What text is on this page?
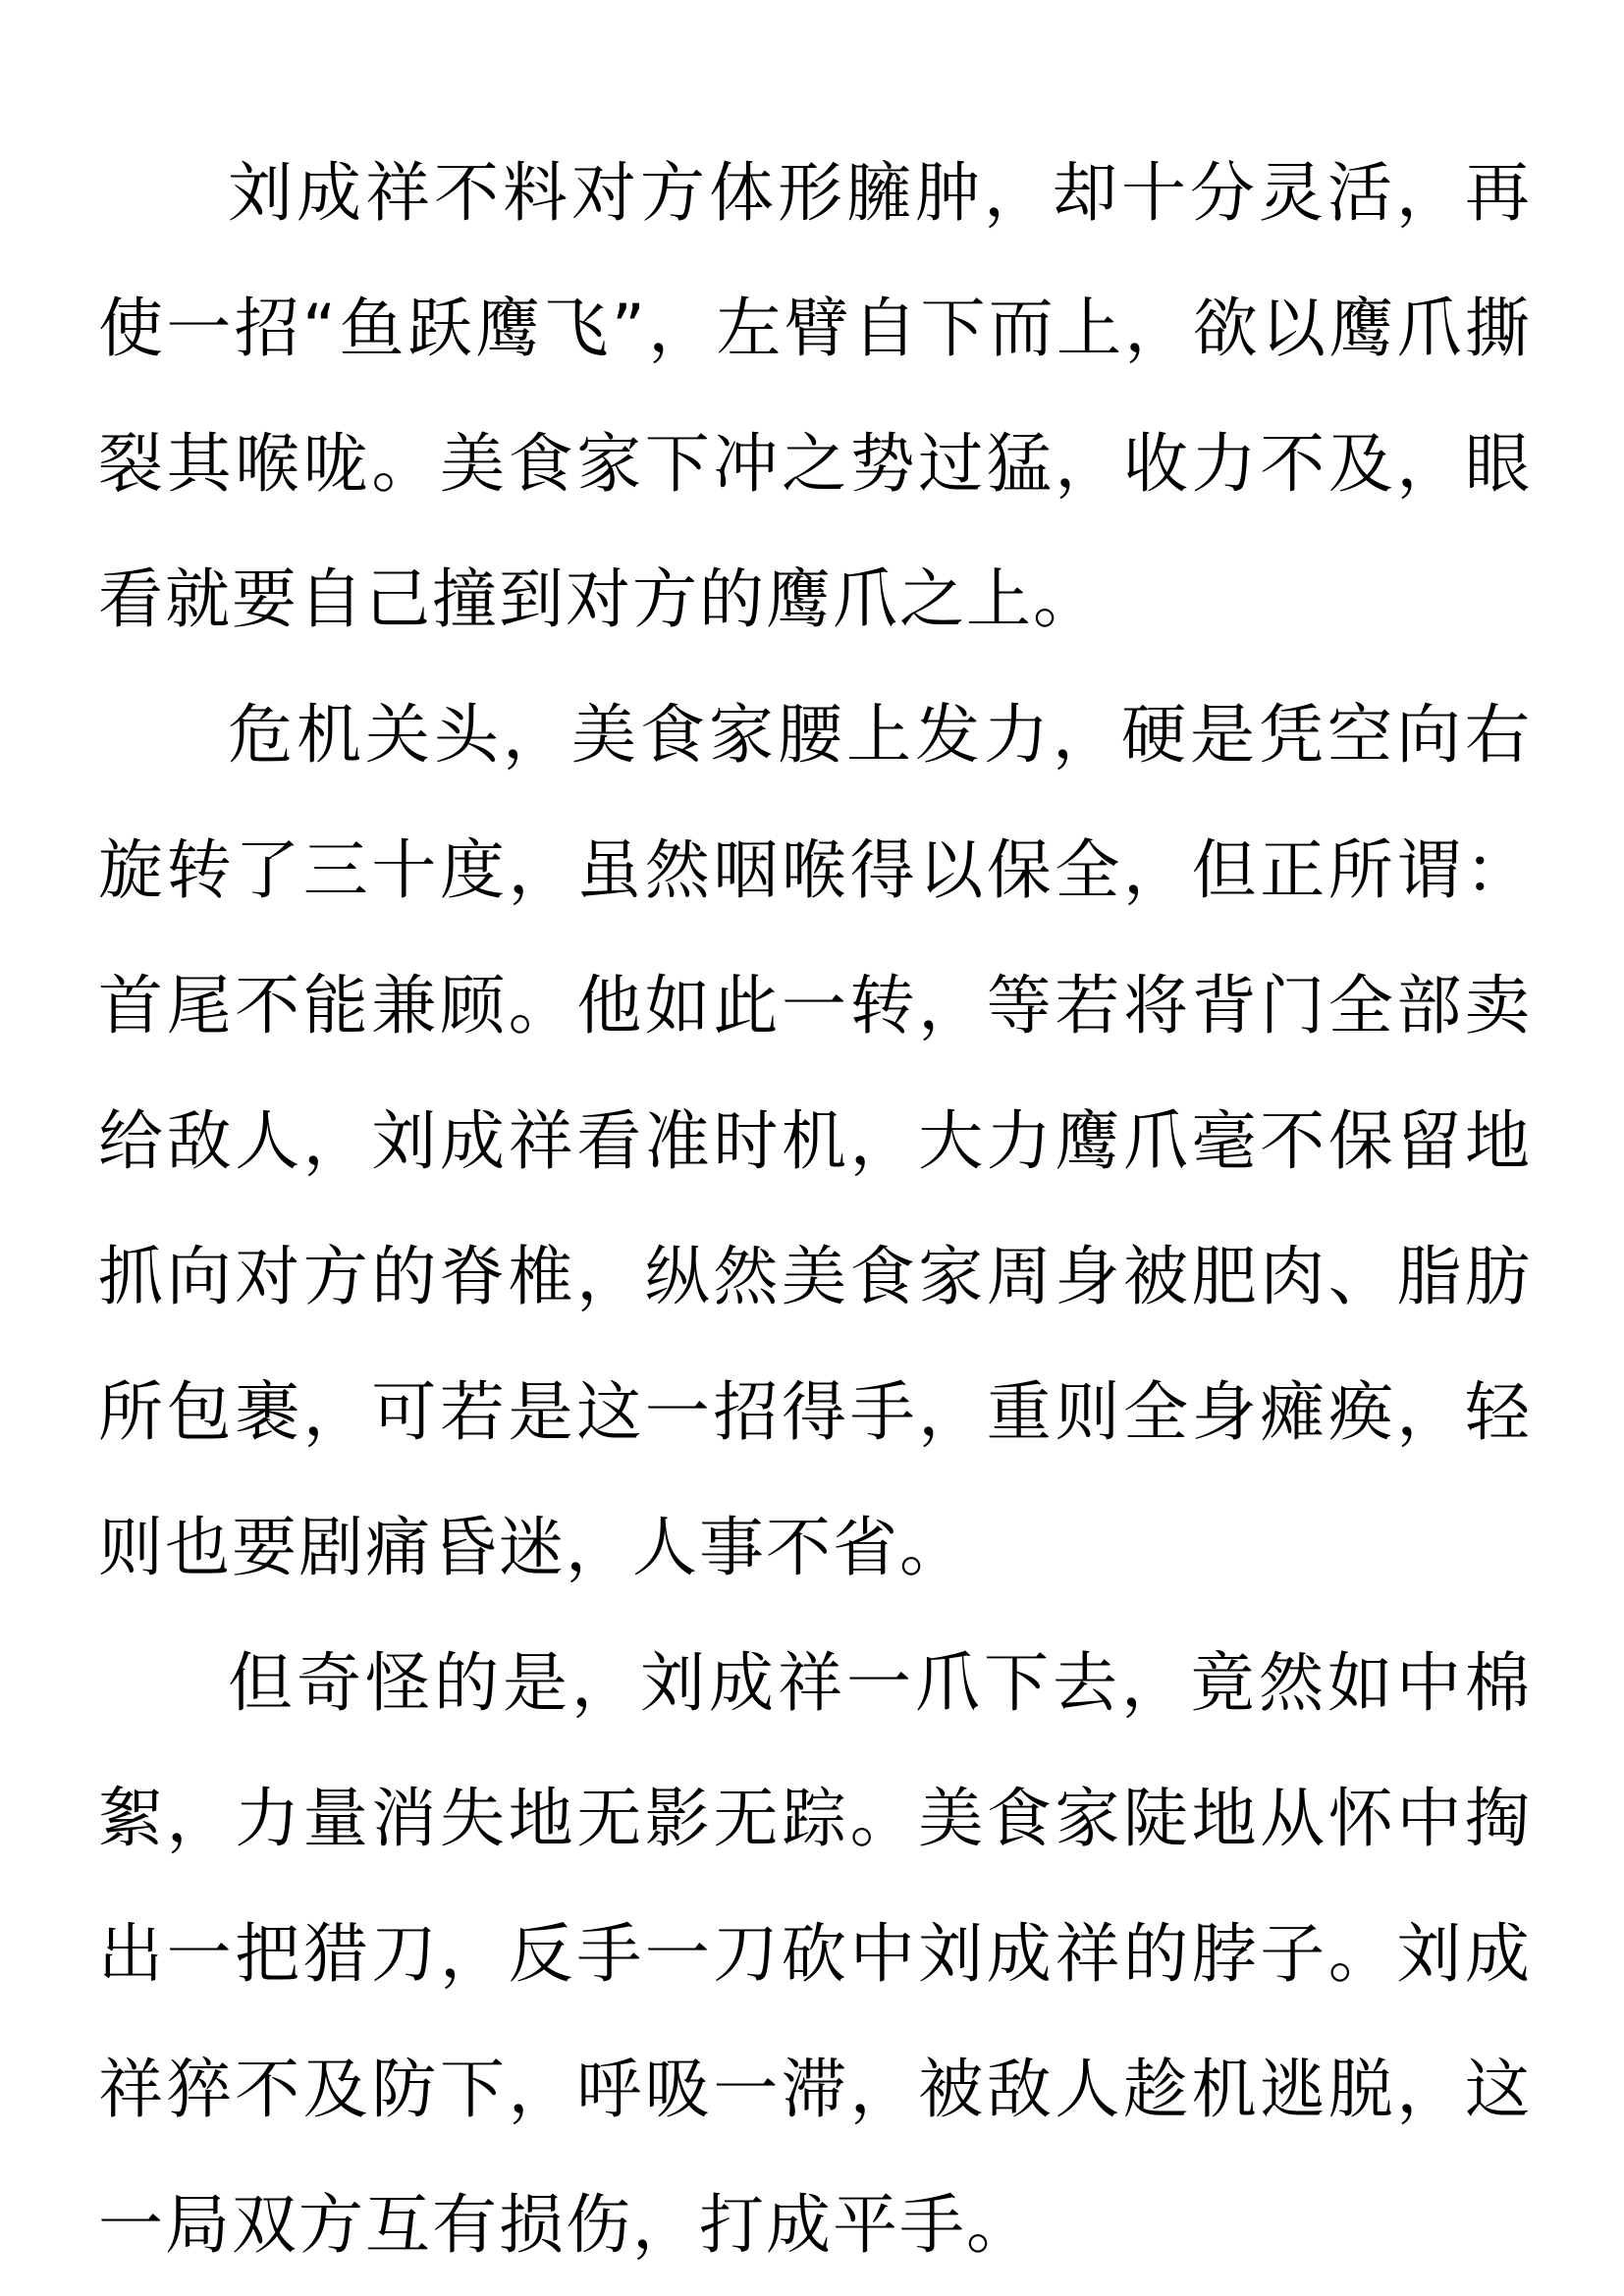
刘成祥不料对方体形臃肿，却十分灵活，再使一招“鱼跃鹰飞”，左臂自下而上，欲以鹰爪撕裂其喉咙。美食家下冲之势过猛，收力不及，眼看就要自己撞到对方的鹰爪之上。

危机关头，美食家腰上发力，硬是凭空向右旋转了三十度，虽然咽喉得以保全，但正所谓：首尾不能兼顾。他如此一转，等若将背门全部卖给敌人，刘成祥看准时机，大力鹰爪毫不保留地抓向对方的脊椎，纵然美食家周身被肥肉、脂肪所包裹，可若是这一招得手，重则全身瘫痪，轻则也要剧痛昏迷，人事不省。

但奇怪的是，刘成祥一爪下去，竟然如中棉絮，力量消失地无影无踪。美食家陡地从怀中掏出一把猎刀，反手一刀砍中刘成祥的脖子。刘成祥猝不及防下，呼吸一滞，被敌人趁机逃脱，这一局双方互有损伤，打成平手。
